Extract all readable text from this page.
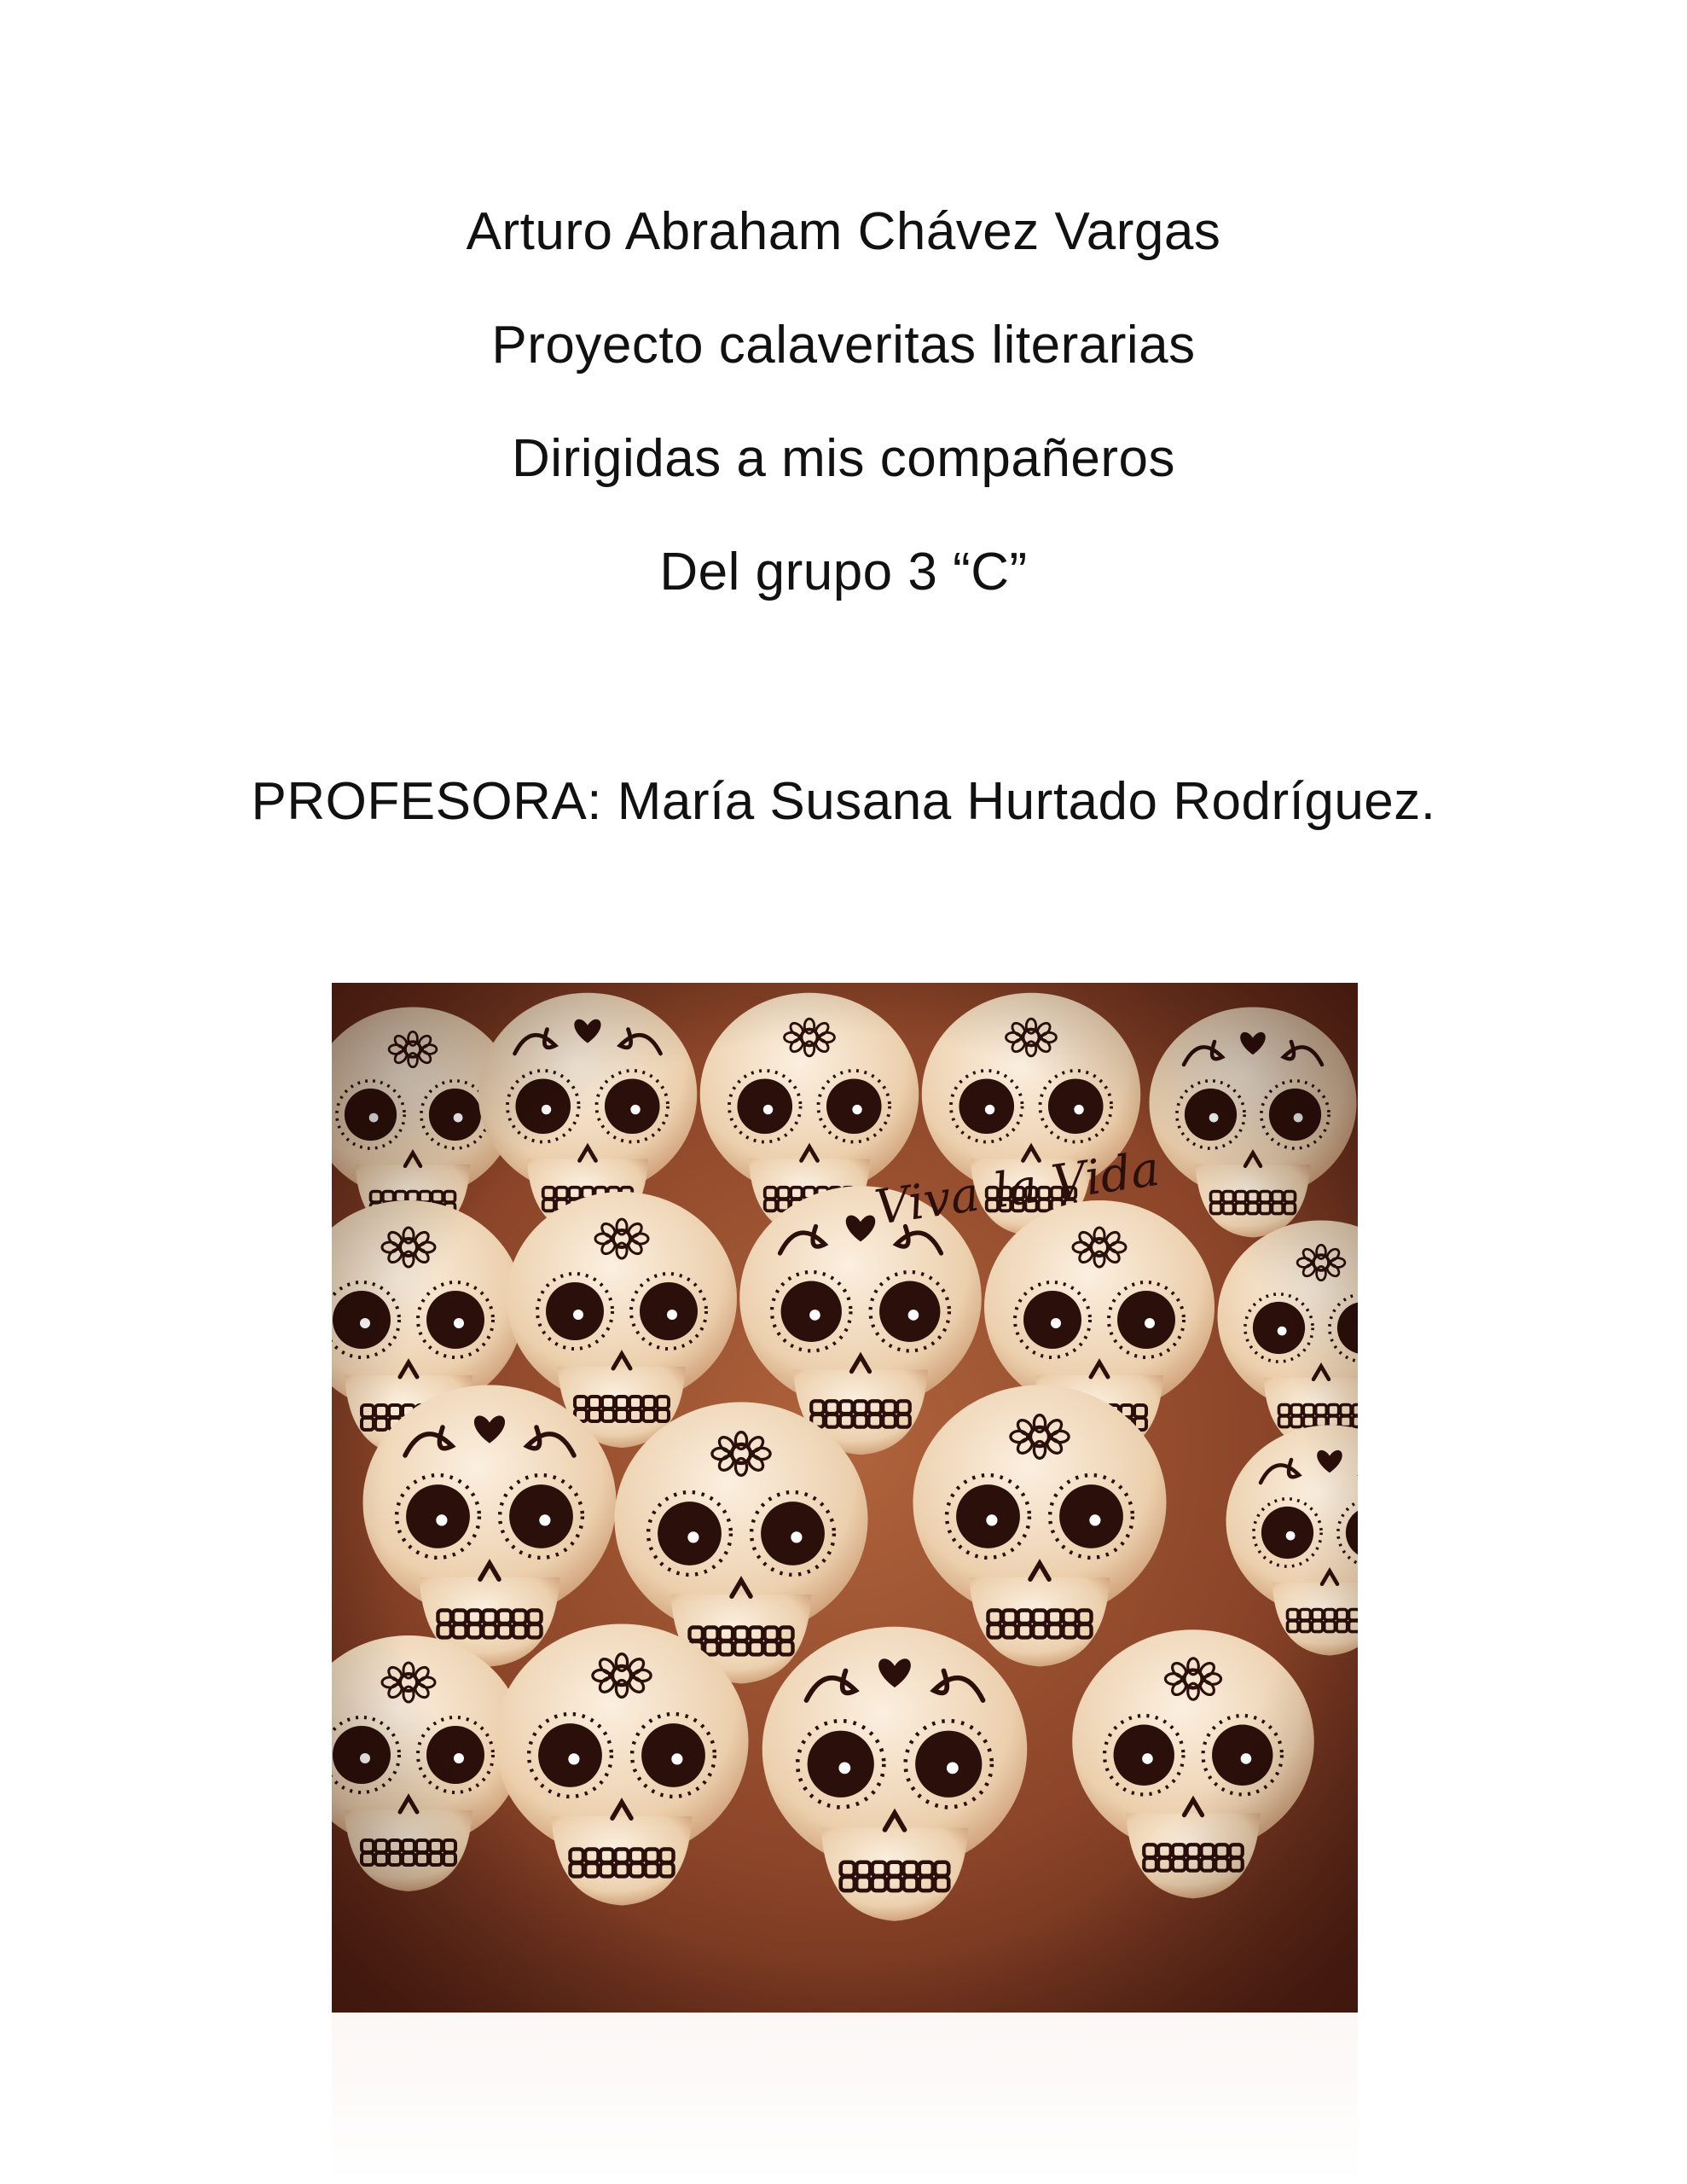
Arturo Abraham Chávez Vargas
Proyecto calaveritas literarias
Dirigidas a mis compañeros
Del grupo 3 “C”
PROFESORA: María Susana Hurtado Rodríguez.
